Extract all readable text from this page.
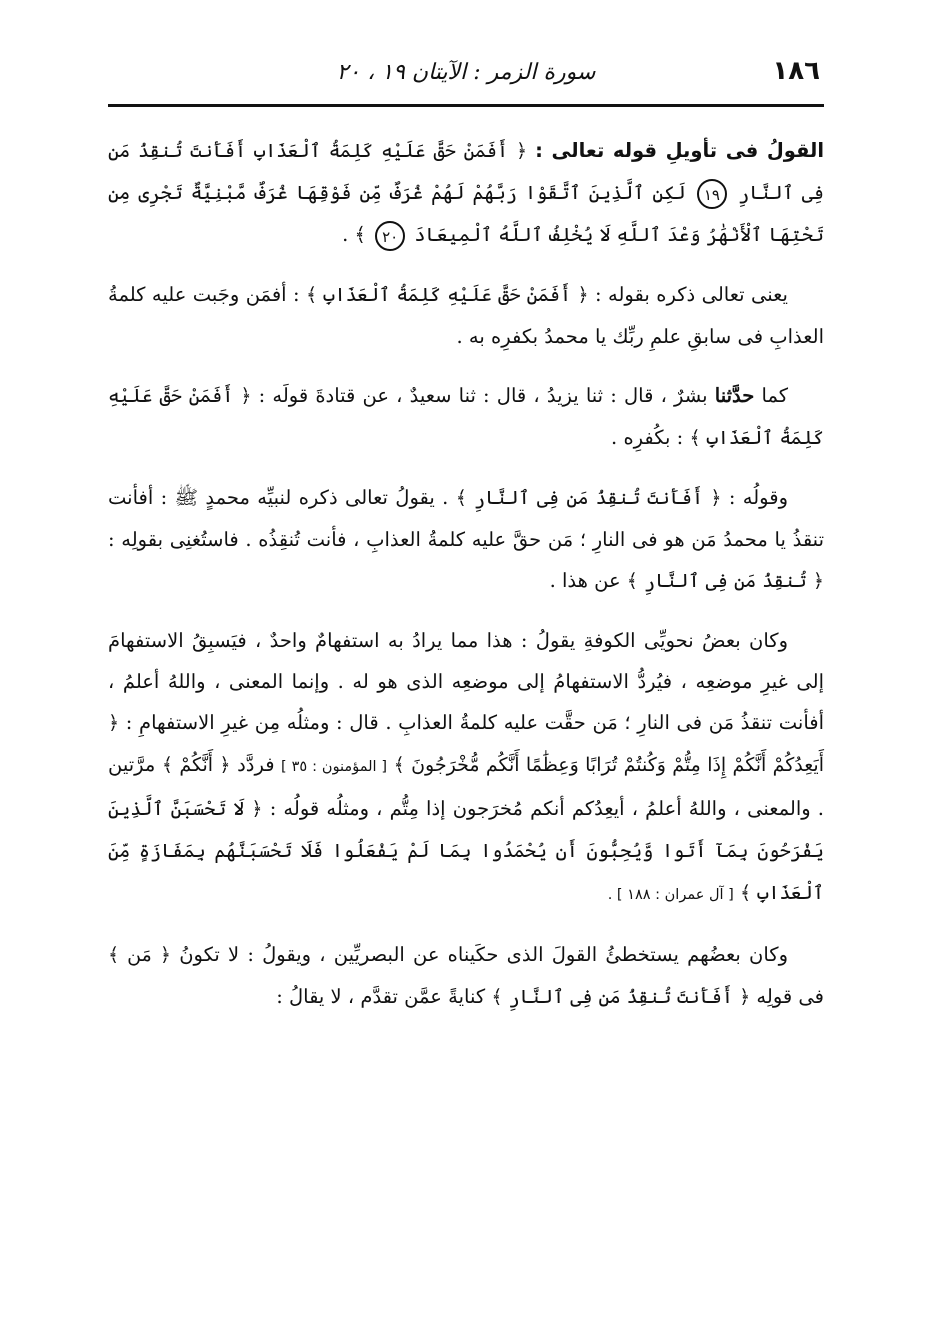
١٨٦
سورة الزمر : الآيتان ١٩ ، ٢٠

القولُ فى تأويلِ قوله تعالى : ﴿ أَفَمَنْ حَقَّ عَلَيْهِ كَلِمَةُ ٱلْعَذَابِ أَفَأَنتَ تُنقِذُ مَن فِى ٱلنَّارِ ١٩ لَكِنِ ٱلَّذِينَ ٱتَّقَوْا رَبَّهُمْ لَهُمْ غُرَفٌ مِّن فَوْقِهَا غُرَفٌ مَّبْنِيَّةٌ تَجْرِى مِن تَحْتِهَا ٱلْأَنْهَٰرُ وَعْدَ ٱللَّهِ لَا يُخْلِفُ ٱللَّهُ ٱلْمِيعَادَ ٢٠ ﴾ .

يعنى تعالى ذكره بقوله : ﴿ أَفَمَنْ حَقَّ عَلَيْهِ كَلِمَةُ ٱلْعَذَابِ ﴾ : أفمَن وجَبت عليه كلمةُ العذابِ فى سابقِ علمِ ربِّك يا محمدُ بكفرِه به .

كما حدَّثنا بشرٌ ، قال : ثنا يزيدُ ، قال : ثنا سعيدٌ ، عن قتادةَ قولَه : ﴿ أَفَمَنْ حَقَّ عَلَيْهِ كَلِمَةُ ٱلْعَذَابِ ﴾ : بكُفرِه .

وقولُه : ﴿ أَفَأَنتَ تُنقِذُ مَن فِى ٱلنَّارِ ﴾ . يقولُ تعالى ذكره لنبيِّه محمدٍ ﷺ : أفأنت تنقذُ يا محمدُ مَن هو فى النارِ ؛ مَن حقَّ عليه كلمةُ العذابِ ، فأنت تُنقِذُه . فاستُغنِى بقولِه : ﴿ تُنقِذُ مَن فِى ٱلنَّارِ ﴾ عن هذا .

وكان بعضُ نحويِّى الكوفةِ يقولُ : هذا مما يرادُ به استفهامٌ واحدٌ ، فيَسبِقُ الاستفهامَ إلى غيرِ موضعِه ، فيُردُّ الاستفهامُ إلى موضعِه الذى هو له . وإنما المعنى ، واللهُ أعلمُ ، أفأنت تنقذُ مَن فى النارِ ؛ مَن حقَّت عليه كلمةُ العذابِ . قال : ومثلُه مِن غيرِ الاستفهامِ : ﴿ أَيَعِدُكُمْ أَنَّكُمْ إِذَا مِتُّمْ وَكُنتُمْ تُرَابًا وَعِظَٰمًا أَنَّكُم مُّخْرَجُونَ ﴾ [ المؤمنون : ٣٥ ] فردَّد ﴿ أَنَّكُمْ ﴾ مرَّتين . والمعنى ، واللهُ أعلمُ ، أيعِدُكم أنكم مُخرَجون إذا مِتُّم ، ومثلُه قولُه : ﴿ لَا تَحْسَبَنَّ ٱلَّذِينَ يَفْرَحُونَ بِمَآ أَتَوا وَّيُحِبُّونَ أَن يُحْمَدُوا بِمَا لَمْ يَفْعَلُوا فَلَا تَحْسَبَنَّهُم بِمَفَازَةٍ مِّنَ ٱلْعَذَابِ ﴾ [ آل عمران : ١٨٨ ] .

وكان بعضُهم يستخطئُ القولَ الذى حكَيناه عن البصريِّين ، ويقولُ : لا تكونُ ﴿ مَن ﴾ فى قولِه ﴿ أَفَأَنتَ تُنقِذُ مَن فِى ٱلنَّارِ ﴾ كنايةً عمَّن تقدَّم ، لا يقالُ :
